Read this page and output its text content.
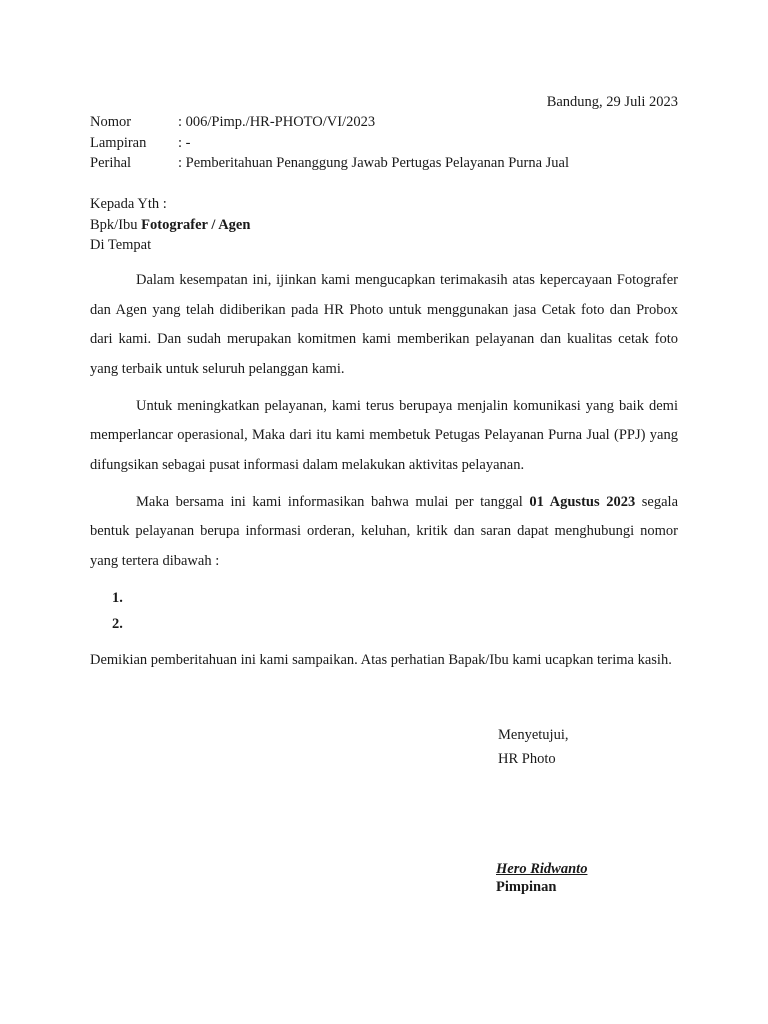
Bandung, 29 Juli 2023
Nomor	: 006/Pimp./HR-PHOTO/VI/2023
Lampiran	: -
Perihal	: Pemberitahuan Penanggung Jawab Pertugas Pelayanan Purna Jual
Kepada Yth :
Bpk/Ibu Fotografer / Agen
Di Tempat

Dalam kesempatan ini, ijinkan kami mengucapkan terimakasih atas kepercayaan Fotografer dan Agen yang telah didiberikan pada HR Photo untuk menggunakan jasa Cetak foto dan Probox dari kami. Dan sudah merupakan komitmen kami memberikan pelayanan dan kualitas cetak foto yang terbaik untuk seluruh pelanggan kami.

Untuk meningkatkan pelayanan, kami terus berupaya menjalin komunikasi yang baik demi memperlancar operasional, Maka dari itu kami membetuk Petugas Pelayanan Purna Jual (PPJ) yang difungsikan sebagai pusat informasi dalam melakukan aktivitas pelayanan.

Maka bersama ini kami informasikan bahwa mulai per tanggal 01 Agustus 2023 segala bentuk pelayanan berupa informasi orderan, keluhan, kritik dan saran dapat menghubungi nomor yang tertera dibawah :

1.
2.

Demikian pemberitahuan ini kami sampaikan. Atas perhatian Bapak/Ibu kami ucapkan terima kasih.

Menyetujui,
HR Photo
Hero Ridwanto
Pimpinan
